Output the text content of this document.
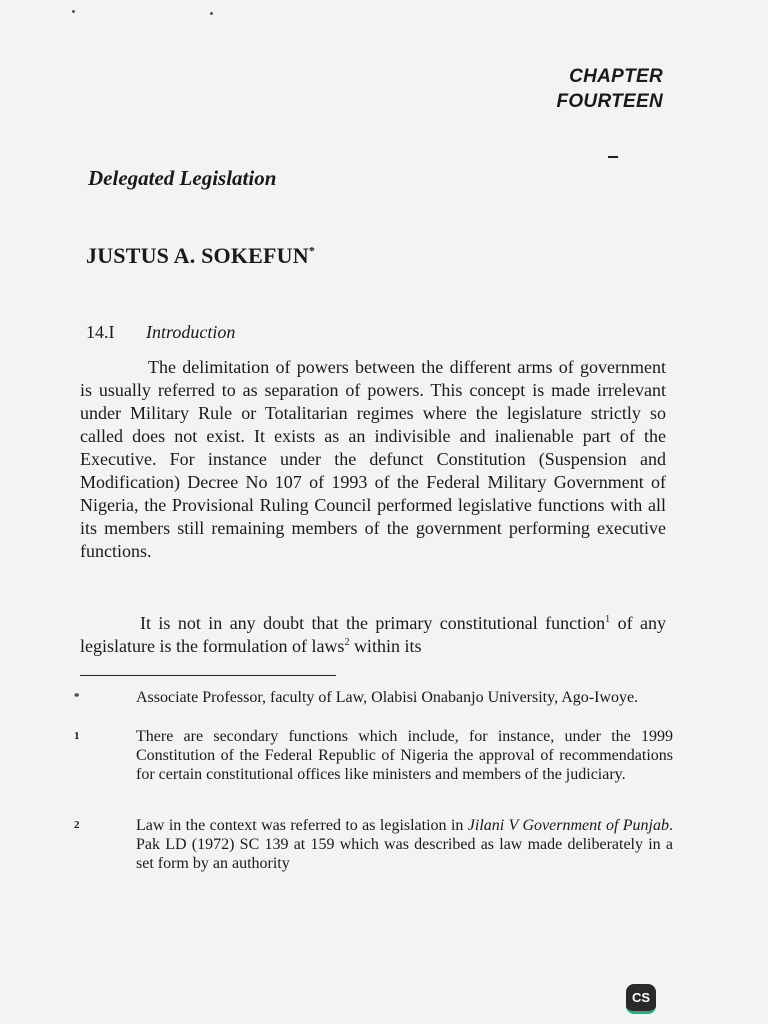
CHAPTER
FOURTEEN
Delegated Legislation
JUSTUS A. SOKEFUN*
14.I Introduction

The delimitation of powers between the different arms of government is usually referred to as separation of powers. This concept is made irrelevant under Military Rule or Totalitarian regimes where the legislature strictly so called does not exist. It exists as an indivisible and inalienable part of the Executive. For instance under the defunct Constitution (Suspension and Modification) Decree No 107 of 1993 of the Federal Military Government of Nigeria, the Provisional Ruling Council performed legislative functions with all its members still remaining members of the government performing executive functions.

It is not in any doubt that the primary constitutional function$^1$ of any legislature is the formulation of laws$^2$ within its

*	Associate Professor, faculty of Law, Olabisi Onabanjo University, Ago-Iwoye.
1	There are secondary functions which include, for instance, under the 1999 Constitution of the Federal Republic of Nigeria the approval of recommendations for certain constitutional offices like ministers and members of the judiciary.
2	Law in the context was referred to as legislation in Jilani V Government of Punjab. Pak LD (1972) SC 139 at 159 which was described as law made deliberately in a set form by an authority
CS
